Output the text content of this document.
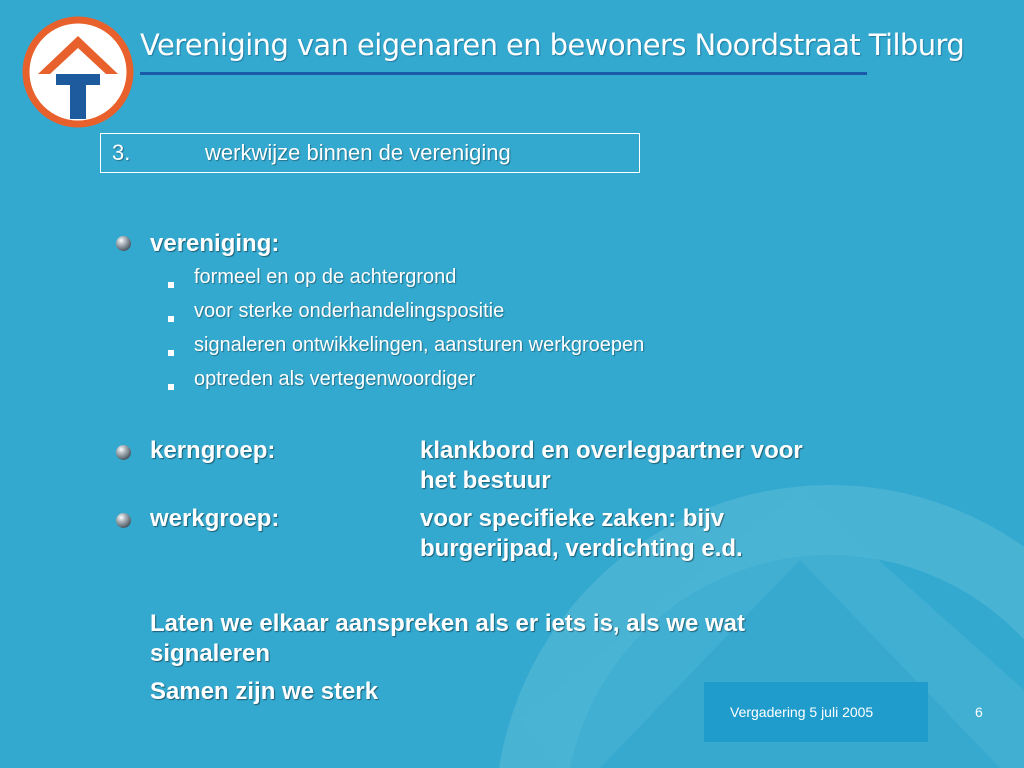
Vereniging van eigenaren en bewoners Noordstraat Tilburg
3.	werkwijze binnen de vereniging
vereniging:
formeel en op de achtergrond
voor sterke onderhandelingspositie
signaleren ontwikkelingen, aansturen werkgroepen
optreden als vertegenwoordiger
kerngroep:	klankbord en overlegpartner voor
het bestuur
werkgroep:	voor specifieke zaken: bijv
burgerijpad, verdichting e.d.
Laten we elkaar aanspreken als er iets is, als we wat
signaleren
Samen zijn we sterk
Vergadering 5 juli 2005	6
